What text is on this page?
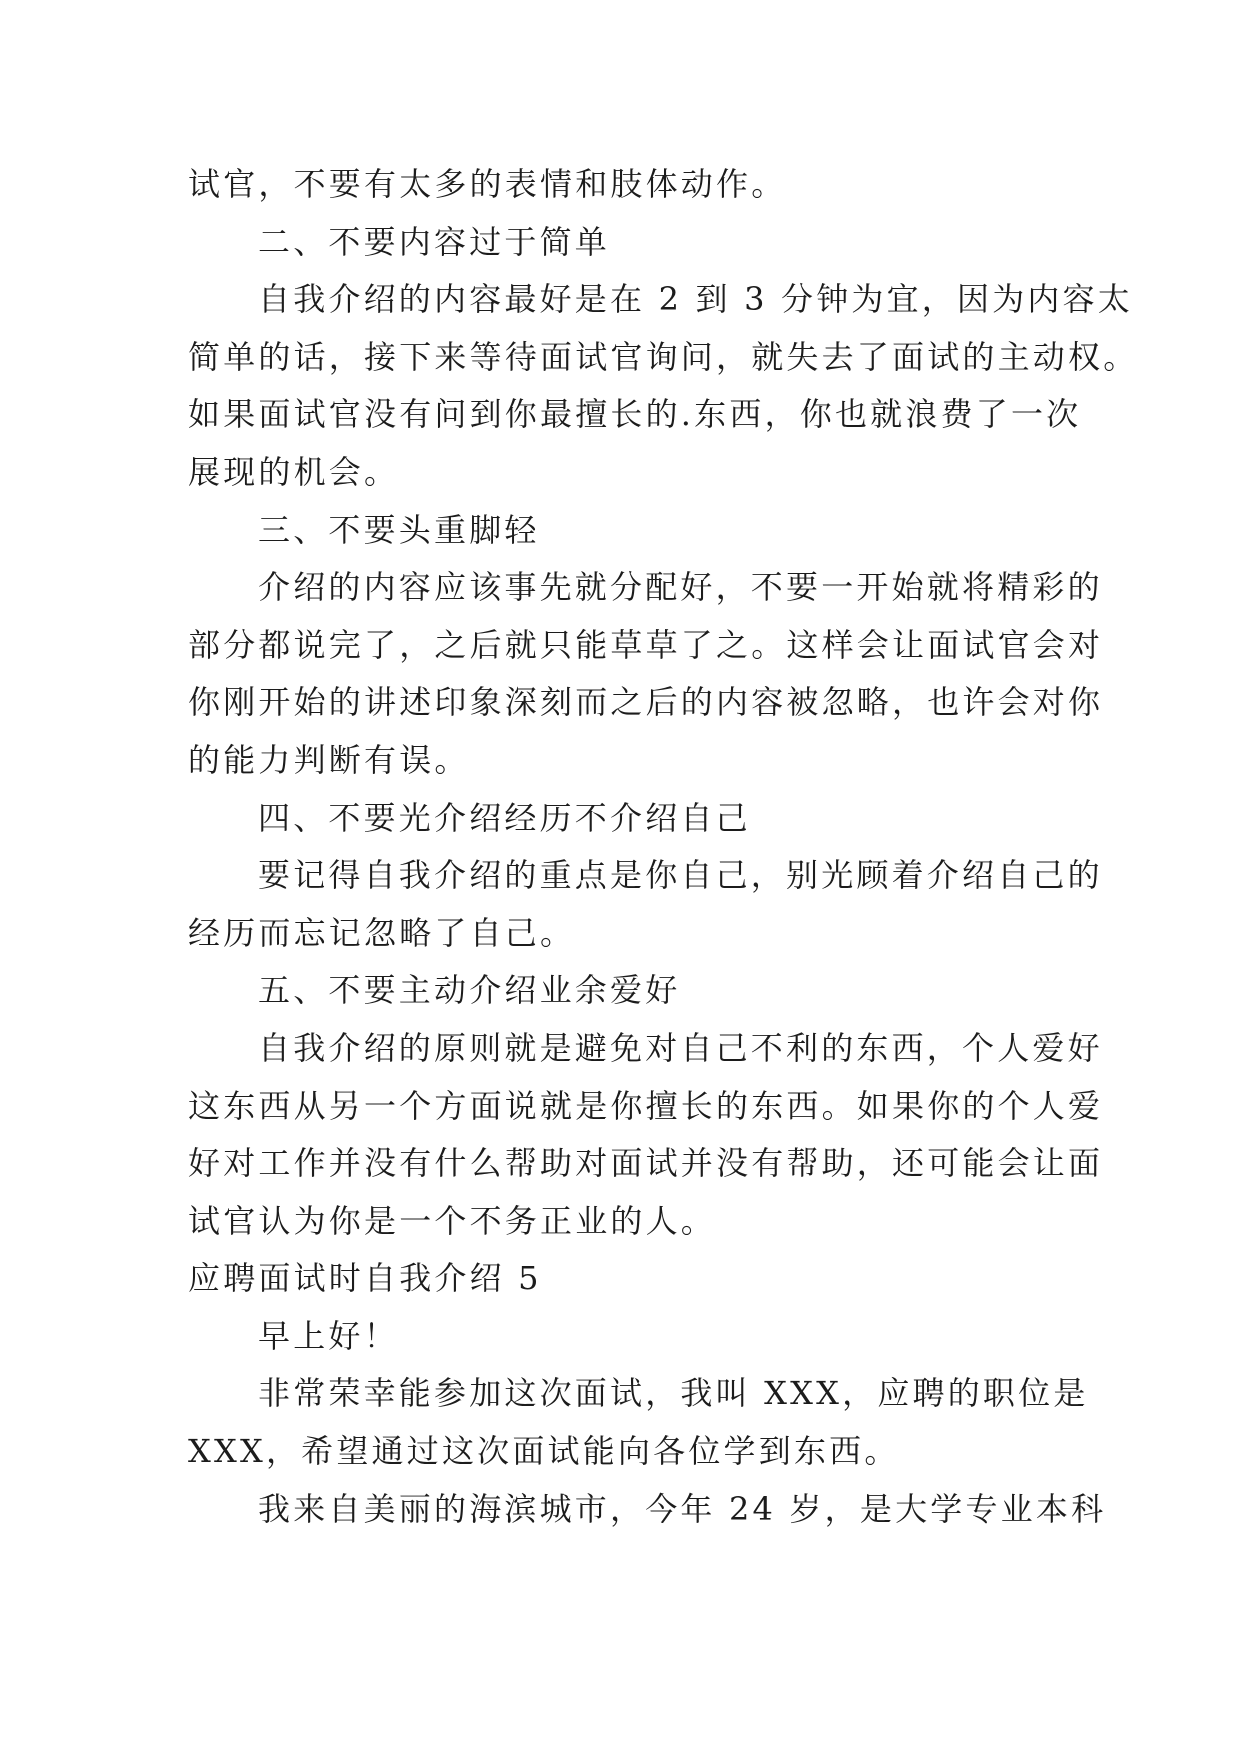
试官，不要有太多的表情和肢体动作。
二、不要内容过于简单
自我介绍的内容最好是在 2 到 3 分钟为宜，因为内容太
简单的话，接下来等待面试官询问，就失去了面试的主动权。
如果面试官没有问到你最擅长的.东西，你也就浪费了一次
展现的机会。
三、不要头重脚轻
介绍的内容应该事先就分配好，不要一开始就将精彩的
部分都说完了，之后就只能草草了之。这样会让面试官会对
你刚开始的讲述印象深刻而之后的内容被忽略，也许会对你
的能力判断有误。
四、不要光介绍经历不介绍自己
要记得自我介绍的重点是你自己，别光顾着介绍自己的
经历而忘记忽略了自己。
五、不要主动介绍业余爱好
自我介绍的原则就是避免对自己不利的东西，个人爱好
这东西从另一个方面说就是你擅长的东西。如果你的个人爱
好对工作并没有什么帮助对面试并没有帮助，还可能会让面
试官认为你是一个不务正业的人。
应聘面试时自我介绍 5
早上好！
非常荣幸能参加这次面试，我叫 XXX，应聘的职位是
XXX，希望通过这次面试能向各位学到东西。
我来自美丽的海滨城市，今年 24 岁，是大学专业本科
